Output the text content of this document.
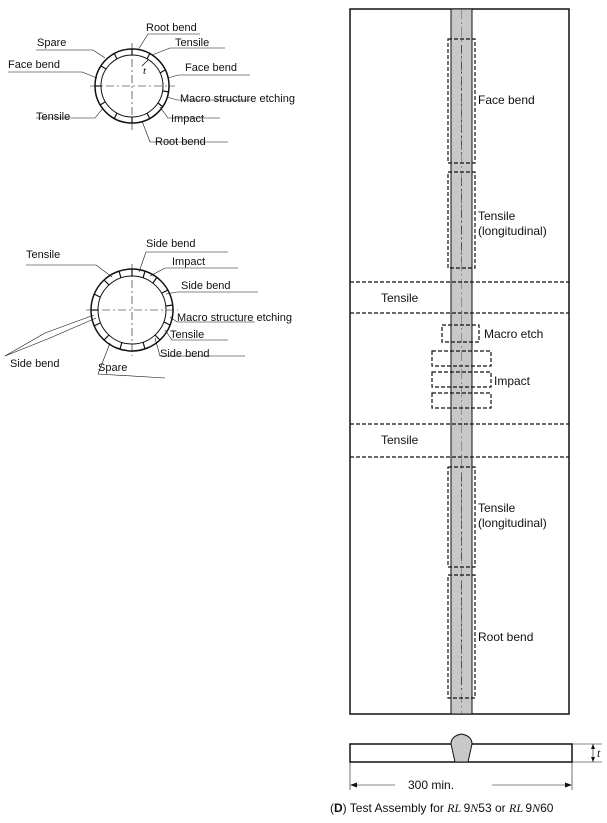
Root bend
Spare	Tensile
Face bend	t	Face bend
Macro structure etching
Tensile	Impact
Root bend
Side bend
Tensile
Impact
Side bend
Macro structure etching
Tensile
Side bend
Side bend
Spare
Face bend
Tensile
(longitudinal)
Tensile
Macro etch
Impact
Tensile
Tensile
(longitudinal)
Root bend
300 min.
t
(D) Test Assembly for RL  9N53 or RL  9N60
